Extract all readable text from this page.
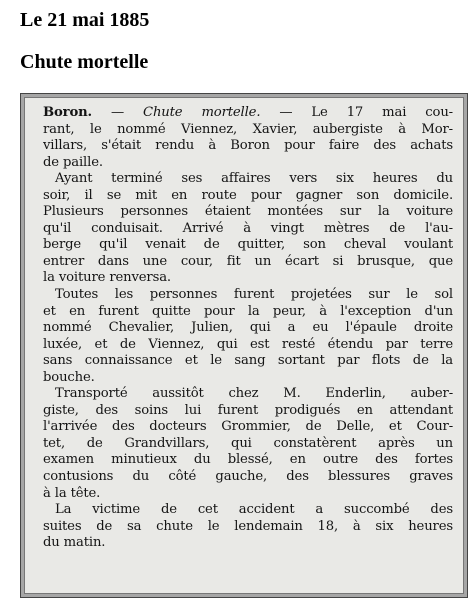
Le 21 mai 1885
Chute mortelle
Boron. — Chute mortelle. — Le 17 mai cou-
rant, le nommé Viennez, Xavier, aubergiste à Mor-
villars, s'était rendu à Boron pour faire des achats
de paille.
Ayant terminé ses affaires vers six heures du
soir, il se mit en route pour gagner son domicile.
Plusieurs personnes étaient montées sur la voiture
qu'il conduisait. Arrivé à vingt mètres de l'au-
berge qu'il venait de quitter, son cheval voulant
entrer dans une cour, fit un écart si brusque, que
la voiture renversa.
Toutes les personnes furent projetées sur le sol
et en furent quitte pour la peur, à l'exception d'un
nommé Chevalier, Julien, qui a eu l'épaule droite
luxée, et de Viennez, qui est resté étendu par terre
sans connaissance et le sang sortant par flots de la
bouche.
Transporté aussitôt chez M. Enderlin, auber-
giste, des soins lui furent prodigués en attendant
l'arrivée des docteurs Grommier, de Delle, et Cour-
tet, de Grandvillars, qui constatèrent après un
examen minutieux du blessé, en outre des fortes
contusions du côté gauche, des blessures graves
à la tête.
La victime de cet accident a succombé des
suites de sa chute le lendemain 18, à six heures
du matin.
